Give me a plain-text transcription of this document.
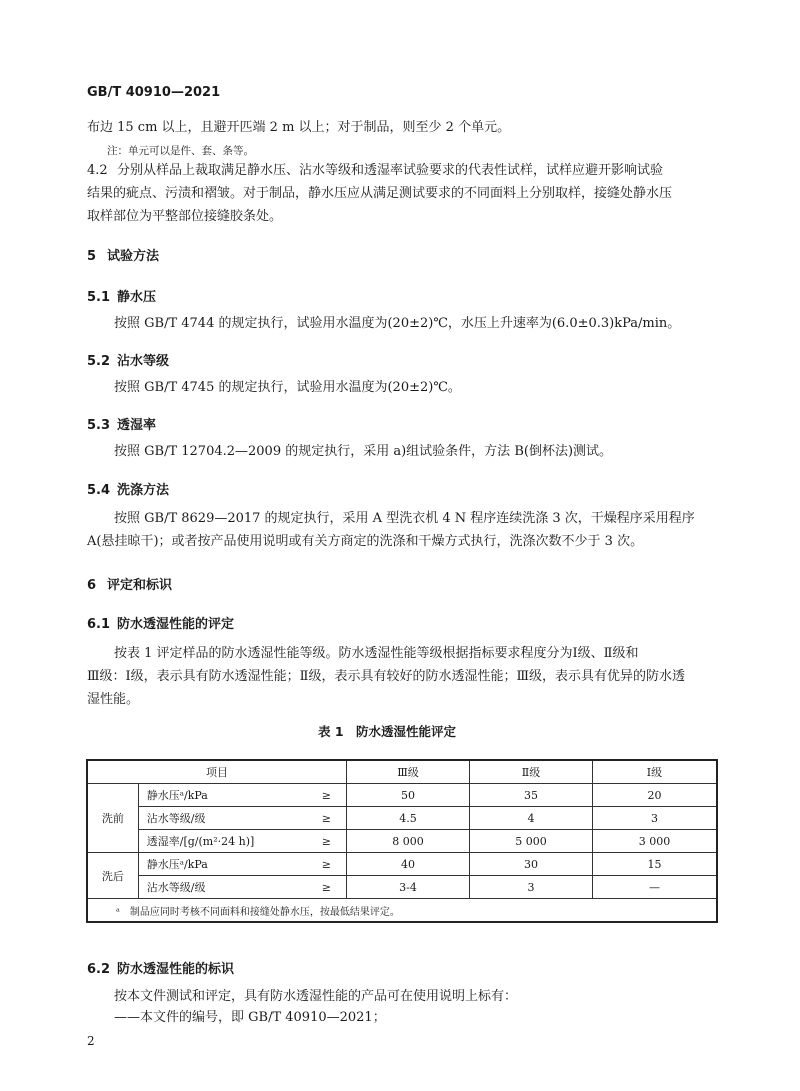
GB/T 40910—2021
布边 15 cm 以上，且避开匹端 2 m 以上；对于制品，则至少 2 个单元。
注：单元可以是件、套、条等。
4.2 分别从样品上裁取满足静水压、沾水等级和透湿率试验要求的代表性试样，试样应避开影响试验
结果的疵点、污渍和褶皱。对于制品，静水压应从满足测试要求的不同面料上分别取样，接缝处静水压
取样部位为平整部位接缝胶条处。
5 试验方法
5.1 静水压
按照 GB/T 4744 的规定执行，试验用水温度为(20±2)℃，水压上升速率为(6.0±0.3)kPa/min。
5.2 沾水等级
按照 GB/T 4745 的规定执行，试验用水温度为(20±2)℃。
5.3 透湿率
按照 GB/T 12704.2—2009 的规定执行，采用 a)组试验条件，方法 B(倒杯法)测试。
5.4 洗涤方法
按照 GB/T 8629—2017 的规定执行，采用 A 型洗衣机 4 N 程序连续洗涤 3 次，干燥程序采用程序
A(悬挂晾干)；或者按产品使用说明或有关方商定的洗涤和干燥方式执行，洗涤次数不少于 3 次。
6 评定和标识
6.1 防水透湿性能的评定
按表 1 评定样品的防水透湿性能等级。防水透湿性能等级根据指标要求程度分为Ⅰ级、Ⅱ级和
Ⅲ级：Ⅰ级，表示具有防水透湿性能；Ⅱ级，表示具有较好的防水透湿性能；Ⅲ级，表示具有优异的防水透
湿性能。
表 1　防水透湿性能评定
项目			Ⅲ级	Ⅱ级	Ⅰ级
洗前	静水压ᵃ/kPa	≥	50	35	20
	沾水等级/级	≥	4.5	4	3
	透湿率/[g/(m²·24 h)]	≥	8 000	5 000	3 000
洗后	静水压ᵃ/kPa	≥	40	30	15
	沾水等级/级	≥	3-4	3	—
ᵃ　制品应同时考核不同面料和接缝处静水压，按最低结果评定。					
6.2 防水透湿性能的标识
按本文件测试和评定，具有防水透湿性能的产品可在使用说明上标有：
——本文件的编号，即 GB/T 40910—2021；
2
